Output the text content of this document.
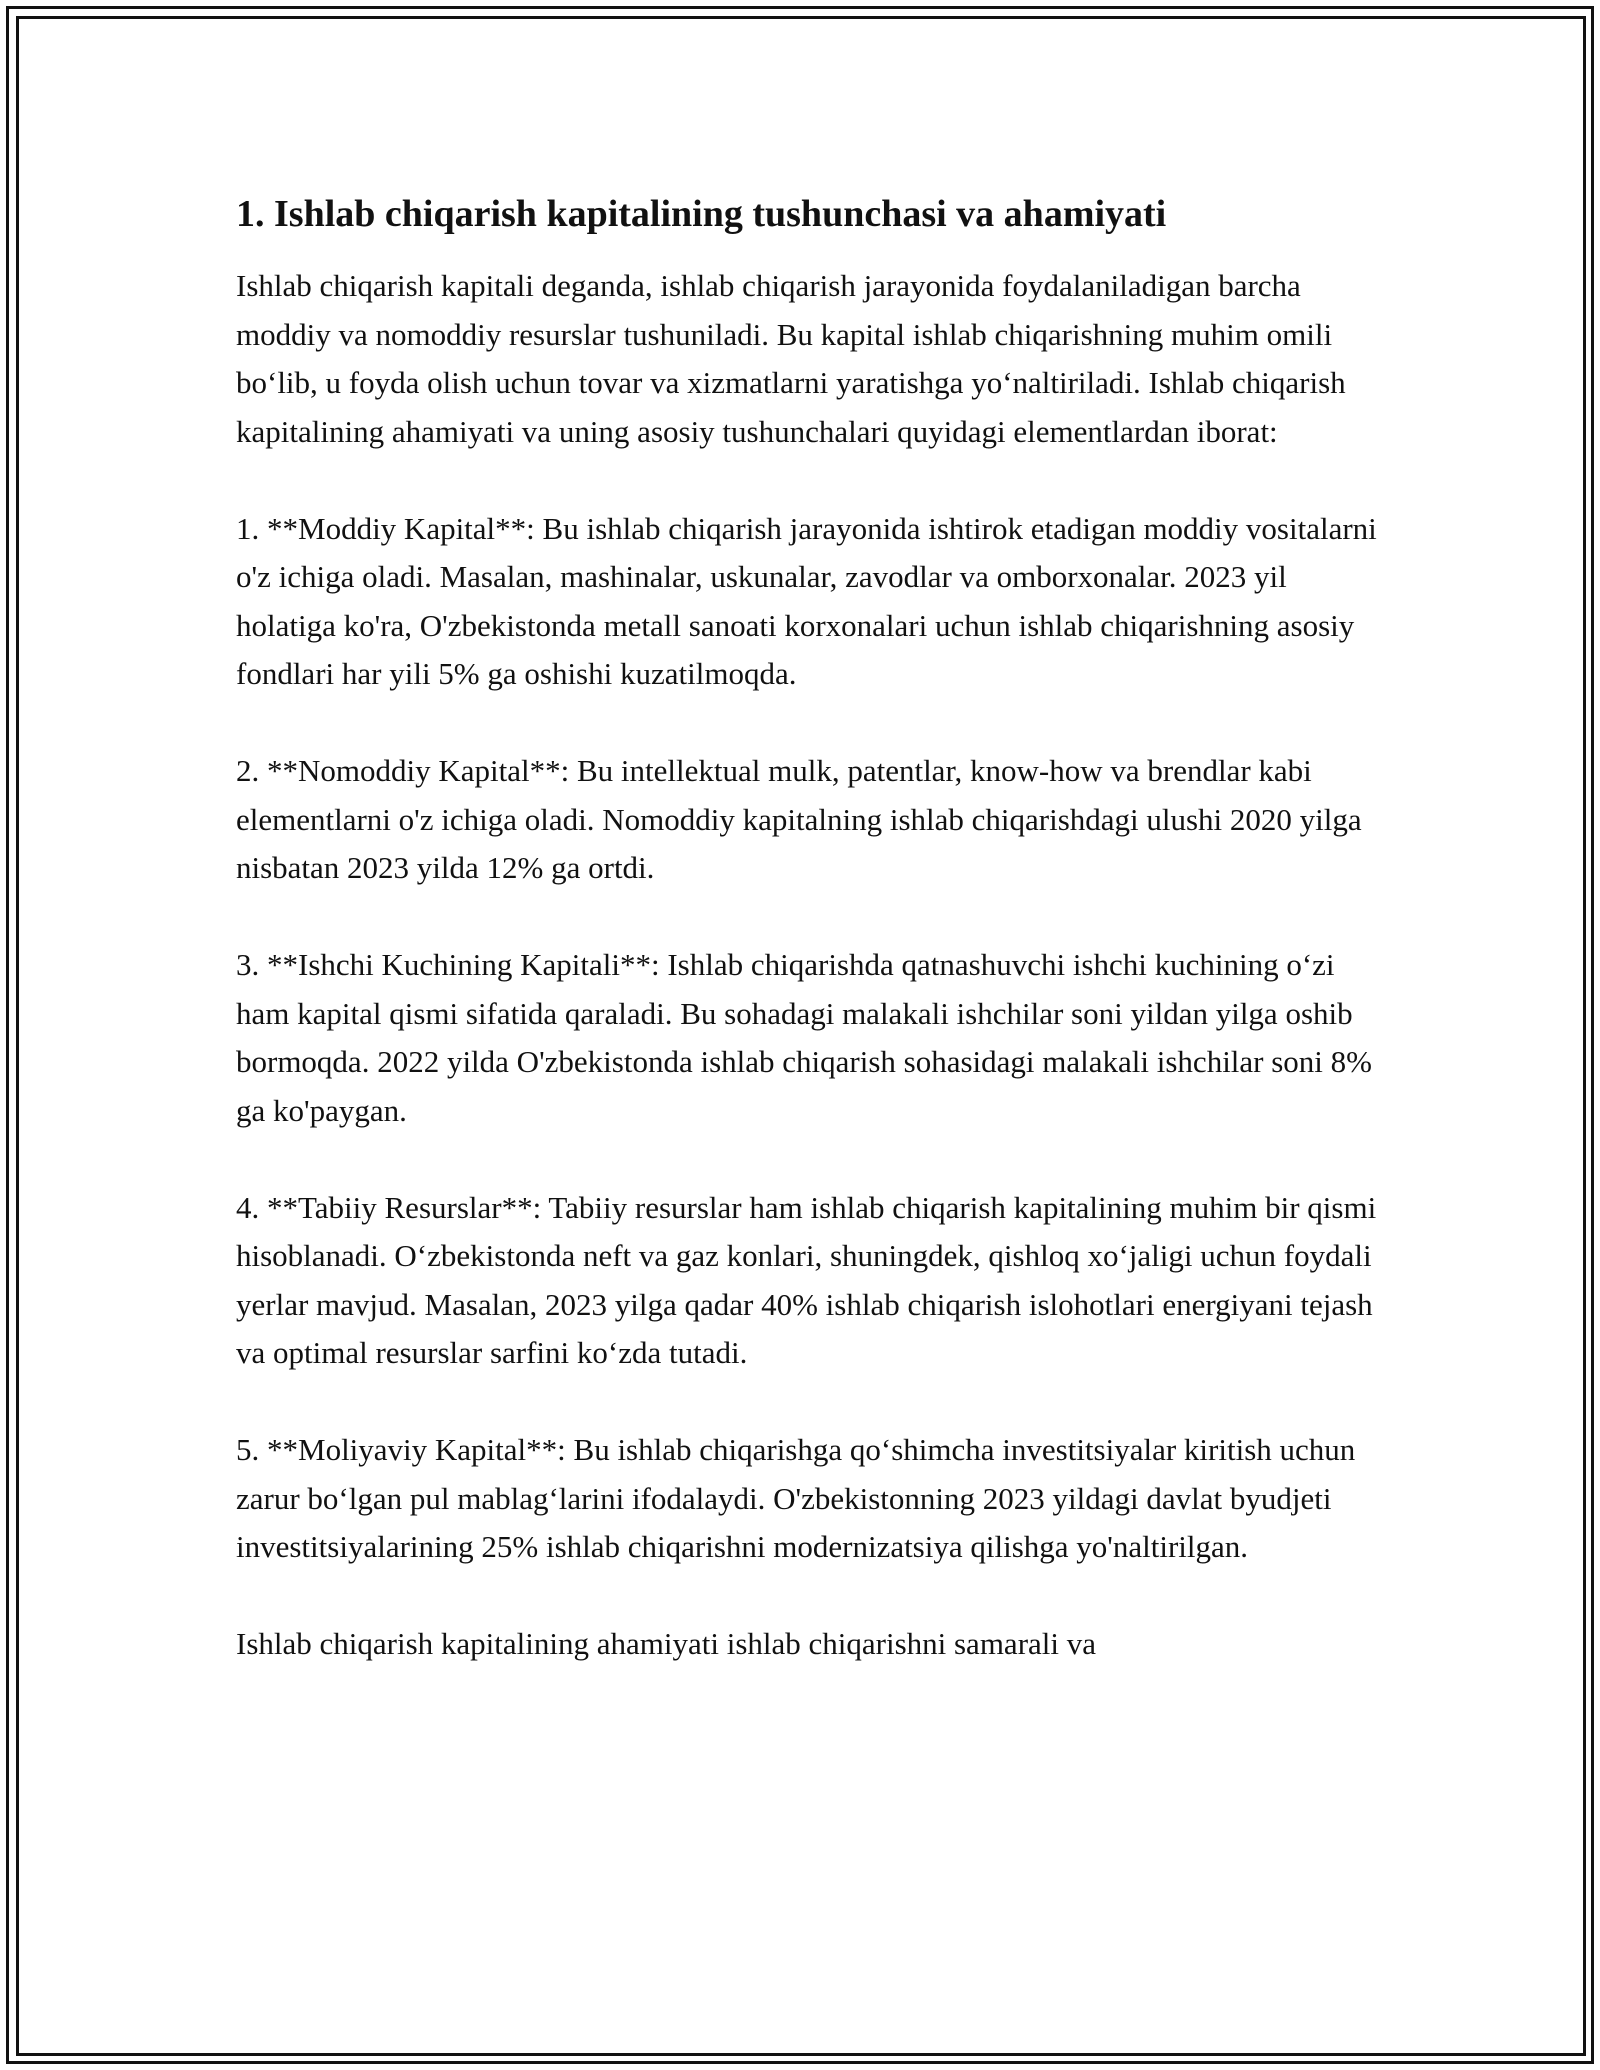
1. Ishlab chiqarish kapitalining tushunchasi va ahamiyati

Ishlab chiqarish kapitali deganda, ishlab chiqarish jarayonida foydalaniladigan barcha moddiy va nomoddiy resurslar tushuniladi. Bu kapital ishlab chiqarishning muhim omili bo‘lib, u foyda olish uchun tovar va xizmatlarni yaratishga yo‘naltiriladi. Ishlab chiqarish kapitalining ahamiyati va uning asosiy tushunchalari quyidagi elementlardan iborat:

1. **Moddiy Kapital**: Bu ishlab chiqarish jarayonida ishtirok etadigan moddiy vositalarni o'z ichiga oladi. Masalan, mashinalar, uskunalar, zavodlar va omborxonalar. 2023 yil holatiga ko'ra, O'zbekistonda metall sanoati korxonalari uchun ishlab chiqarishning asosiy fondlari har yili 5% ga oshishi kuzatilmoqda.

2. **Nomoddiy Kapital**: Bu intellektual mulk, patentlar, know-how va brendlar kabi elementlarni o'z ichiga oladi. Nomoddiy kapitalning ishlab chiqarishdagi ulushi 2020 yilga nisbatan 2023 yilda 12% ga ortdi.

3. **Ishchi Kuchining Kapitali**: Ishlab chiqarishda qatnashuvchi ishchi kuchining o‘zi ham kapital qismi sifatida qaraladi. Bu sohadagi malakali ishchilar soni yildan yilga oshib bormoqda. 2022 yilda O'zbekistonda ishlab chiqarish sohasidagi malakali ishchilar soni 8% ga ko'paygan.

4. **Tabiiy Resurslar**: Tabiiy resurslar ham ishlab chiqarish kapitalining muhim bir qismi hisoblanadi. O‘zbekistonda neft va gaz konlari, shuningdek, qishloq xo‘jaligi uchun foydali yerlar mavjud. Masalan, 2023 yilga qadar 40% ishlab chiqarish islohotlari energiyani tejash va optimal resurslar sarfini ko‘zda tutadi.

5. **Moliyaviy Kapital**: Bu ishlab chiqarishga qo‘shimcha investitsiyalar kiritish uchun zarur bo‘lgan pul mablag‘larini ifodalaydi. O'zbekistonning 2023 yildagi davlat byudjeti investitsiyalarining 25% ishlab chiqarishni modernizatsiya qilishga yo'naltirilgan.

Ishlab chiqarish kapitalining ahamiyati ishlab chiqarishni samarali va
